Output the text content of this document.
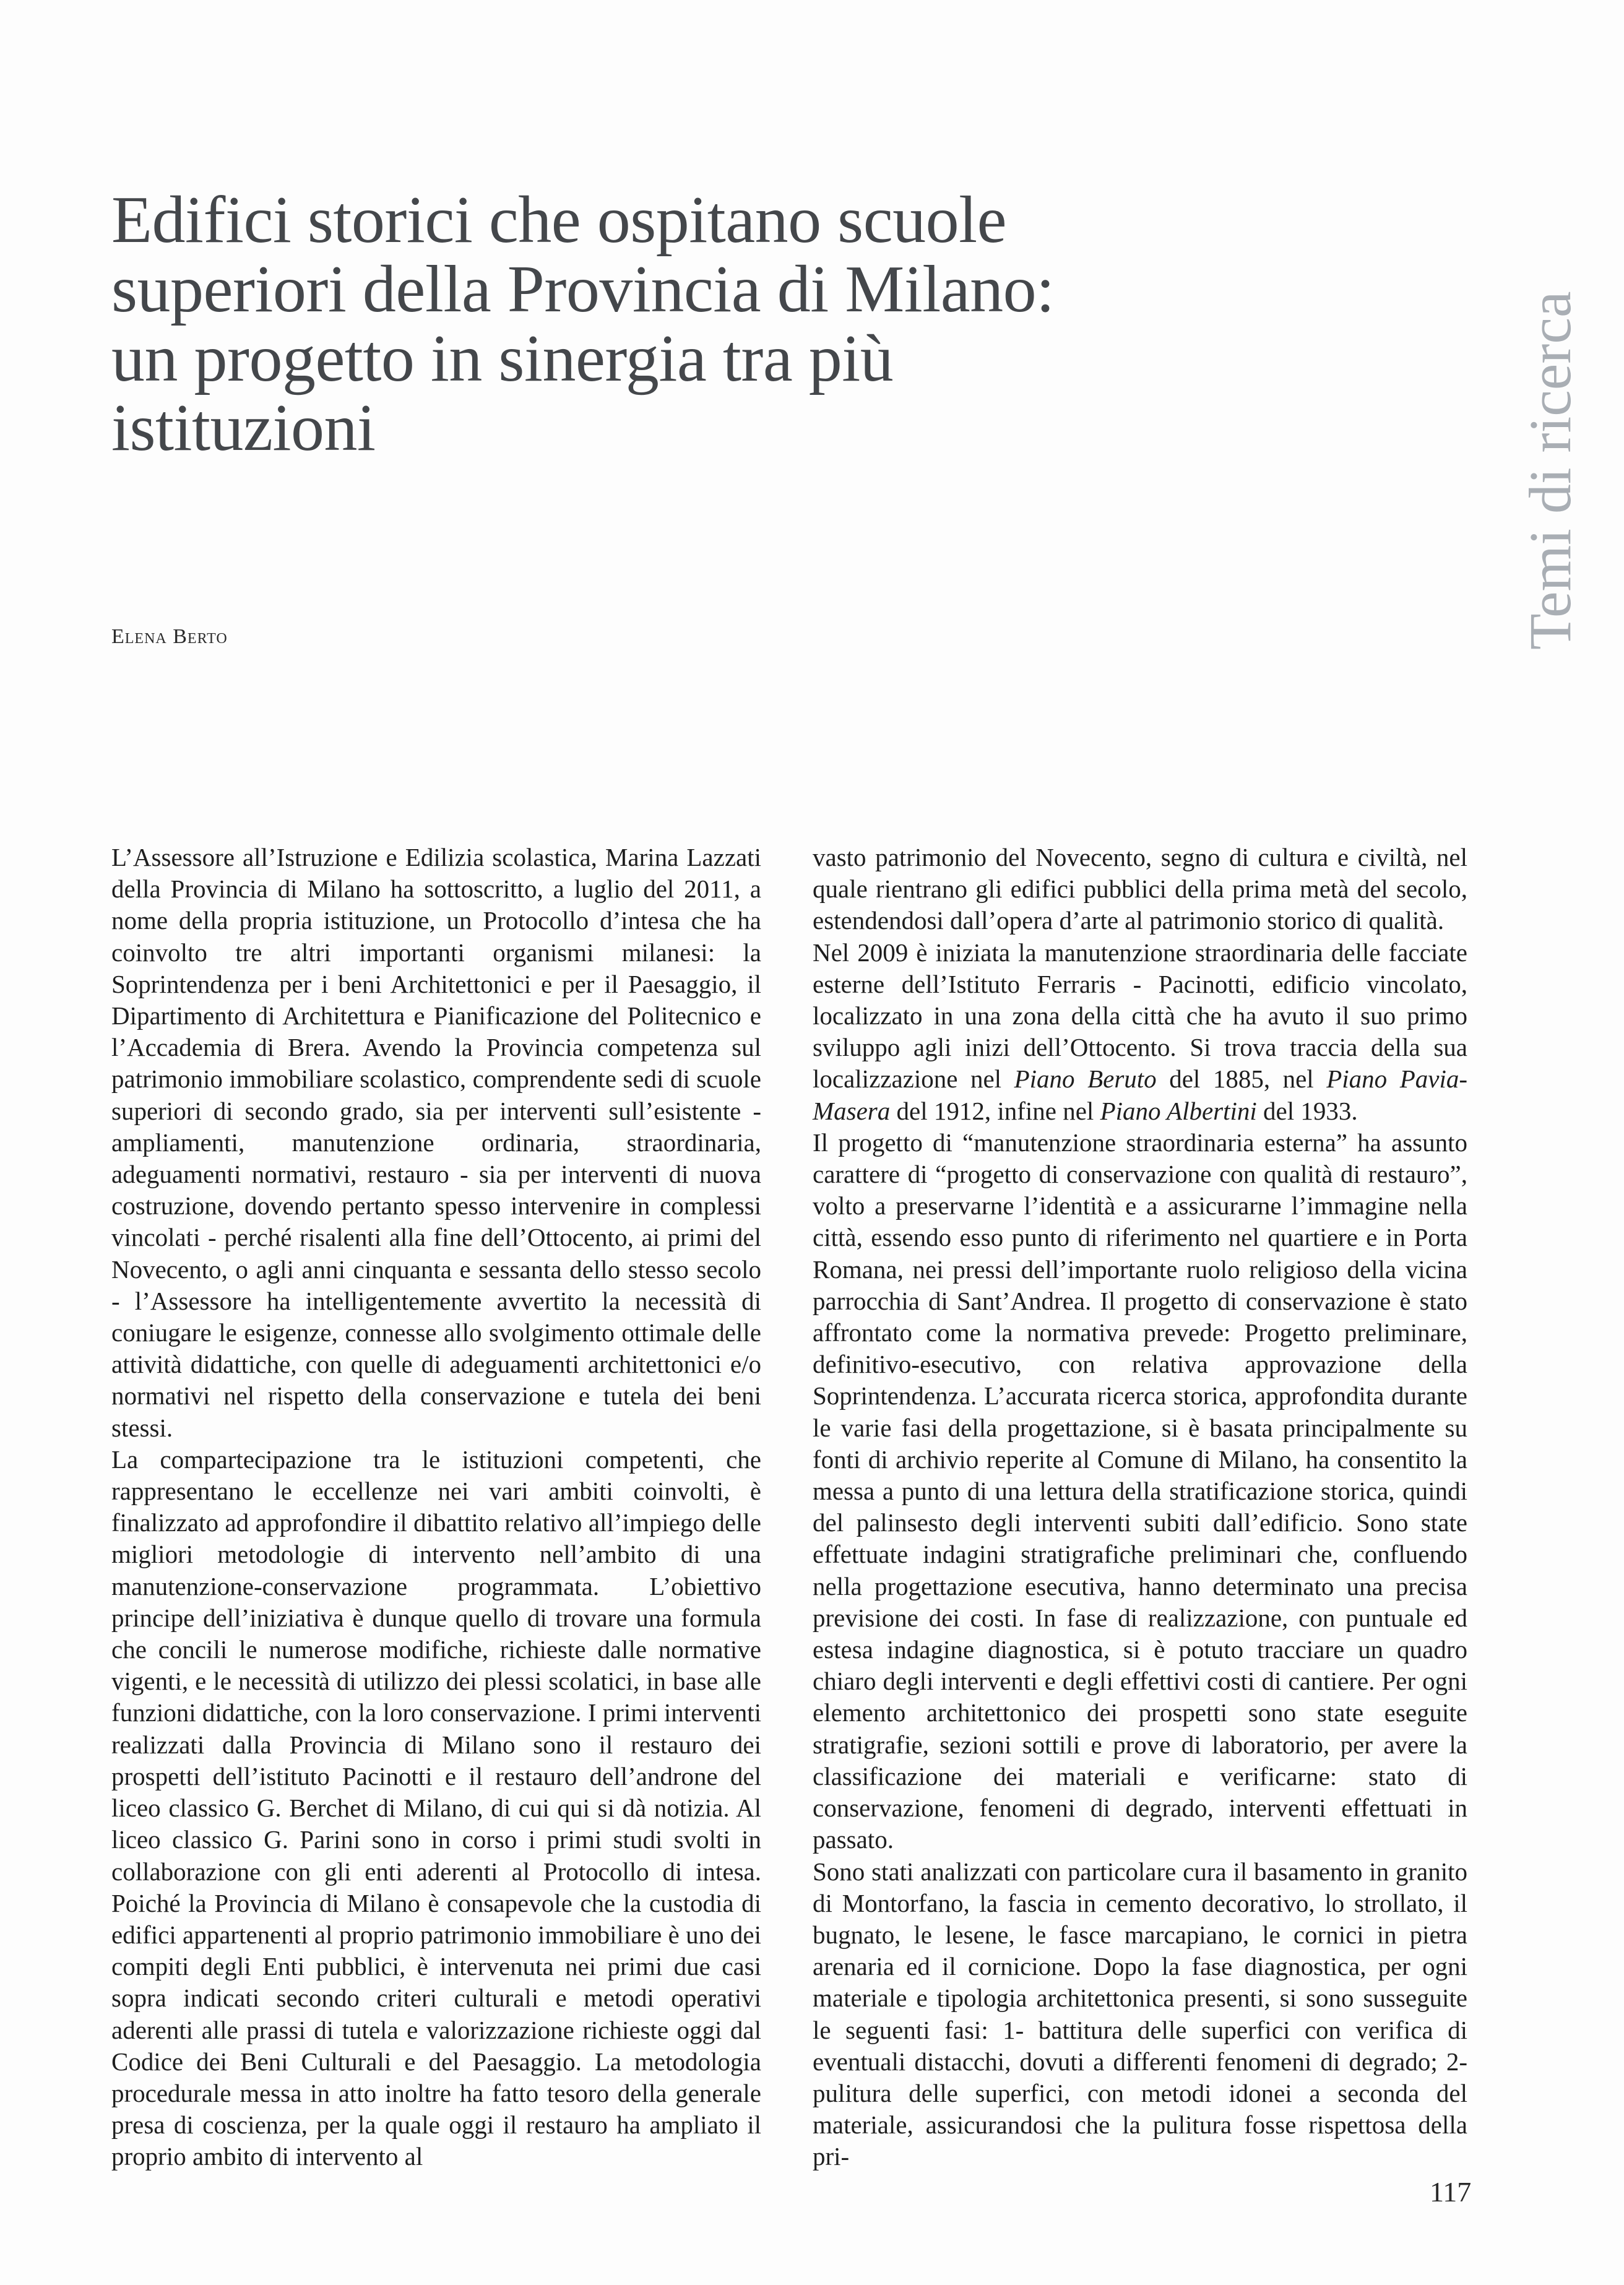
Edifici storici che ospitano scuole
superiori della Provincia di Milano:
un progetto in sinergia tra più
istituzioni
Elena Berto	Temi di ricerca

L’Assessore all’Istruzione e Edilizia scolastica, Marina Lazzati della Provincia di Milano ha sottoscritto, a luglio del 2011, a nome della propria istituzione, un Protocollo d’intesa che ha coinvolto tre altri importanti organismi milanesi: la Soprintendenza per i beni Architettonici e per il Paesaggio, il Dipartimento di Architettura e Pianificazione del Politecnico e l’Accademia di Brera. Avendo la Provincia competenza sul patrimonio immobiliare scolastico, comprendente sedi di scuole superiori di secondo grado, sia per interventi sull’esistente - ampliamenti, manutenzione ordinaria, straordinaria, adeguamenti normativi, restauro - sia per interventi di nuova costruzione, dovendo pertanto spesso intervenire in complessi vincolati - perché risalenti alla fine dell’Ottocento, ai primi del Novecento, o agli anni cinquanta e sessanta dello stesso secolo - l’Assessore ha intelligentemente avvertito la necessità di coniugare le esigenze, connesse allo svolgimento ottimale delle attività didattiche, con quelle di adeguamenti architettonici e/o normativi nel rispetto della conservazione e tutela dei beni stessi.

La compartecipazione tra le istituzioni competenti, che rappresentano le eccellenze nei vari ambiti coinvolti, è finalizzato ad approfondire il dibattito relativo all’impiego delle migliori metodologie di intervento nell’ambito di una manutenzione-conservazione programmata. L’obiettivo principe dell’iniziativa è dunque quello di trovare una formula che concili le numerose modifiche, richieste dalle normative vigenti, e le necessità di utilizzo dei plessi scolatici, in base alle funzioni didattiche, con la loro conservazione. I primi interventi realizzati dalla Provincia di Milano sono il restauro dei prospetti dell’istituto Pacinotti e il restauro dell’androne del liceo classico G. Berchet di Milano, di cui qui si dà notizia. Al liceo classico G. Parini sono in corso i primi studi svolti in collaborazione con gli enti aderenti al Protocollo di intesa. Poiché la Provincia di Milano è consapevole che la custodia di edifici appartenenti al proprio patrimonio immobiliare è uno dei compiti degli Enti pubblici, è intervenuta nei primi due casi sopra indicati secondo criteri culturali e metodi operativi aderenti alle prassi di tutela e valorizzazione richieste oggi dal Codice dei Beni Culturali e del Paesaggio. La metodologia procedurale messa in atto inoltre ha fatto tesoro della generale presa di coscienza, per la quale oggi il restauro ha ampliato il proprio ambito di intervento al

vasto patrimonio del Novecento, segno di cultura e civiltà, nel quale rientrano gli edifici pubblici della prima metà del secolo, estendendosi dall’opera d’arte al patrimonio storico di qualità.

Nel 2009 è iniziata la manutenzione straordinaria delle facciate esterne dell’Istituto Ferraris - Pacinotti, edificio vincolato, localizzato in una zona della città che ha avuto il suo primo sviluppo agli inizi dell’Ottocento. Si trova traccia della sua localizzazione nel Piano Beruto del 1885, nel Piano Pavia-Masera del 1912, infine nel Piano Albertini del 1933.

Il progetto di “manutenzione straordinaria esterna” ha assunto carattere di “progetto di conservazione con qualità di restauro”, volto a preservarne l’identità e a assicurarne l’immagine nella città, essendo esso punto di riferimento nel quartiere e in Porta Romana, nei pressi dell’importante ruolo religioso della vicina parrocchia di Sant’Andrea. Il progetto di conservazione è stato affrontato come la normativa prevede: Progetto preliminare, definitivo-esecutivo, con relativa approvazione della Soprintendenza. L’accurata ricerca storica, approfondita durante le varie fasi della progettazione, si è basata principalmente su fonti di archivio reperite al Comune di Milano, ha consentito la messa a punto di una lettura della stratificazione storica, quindi del palinsesto degli interventi subiti dall’edificio. Sono state effettuate indagini stratigrafiche preliminari che, confluendo nella progettazione esecutiva, hanno determinato una precisa previsione dei costi. In fase di realizzazione, con puntuale ed estesa indagine diagnostica, si è potuto tracciare un quadro chiaro degli interventi e degli effettivi costi di cantiere. Per ogni elemento architettonico dei prospetti sono state eseguite stratigrafie, sezioni sottili e prove di laboratorio, per avere la classificazione dei materiali e verificarne: stato di conservazione, fenomeni di degrado, interventi effettuati in passato.

Sono stati analizzati con particolare cura il basamento in granito di Montorfano, la fascia in cemento decorativo, lo strollato, il bugnato, le lesene, le fasce marcapiano, le cornici in pietra arenaria ed il cornicione. Dopo la fase diagnostica, per ogni materiale e tipologia architettonica presenti, si sono susseguite le seguenti fasi: 1- battitura delle superfici con verifica di eventuali distacchi, dovuti a differenti fenomeni di degrado; 2- pulitura delle superfici, con metodi idonei a seconda del materiale, assicurandosi che la pulitura fosse rispettosa della pri-

117
